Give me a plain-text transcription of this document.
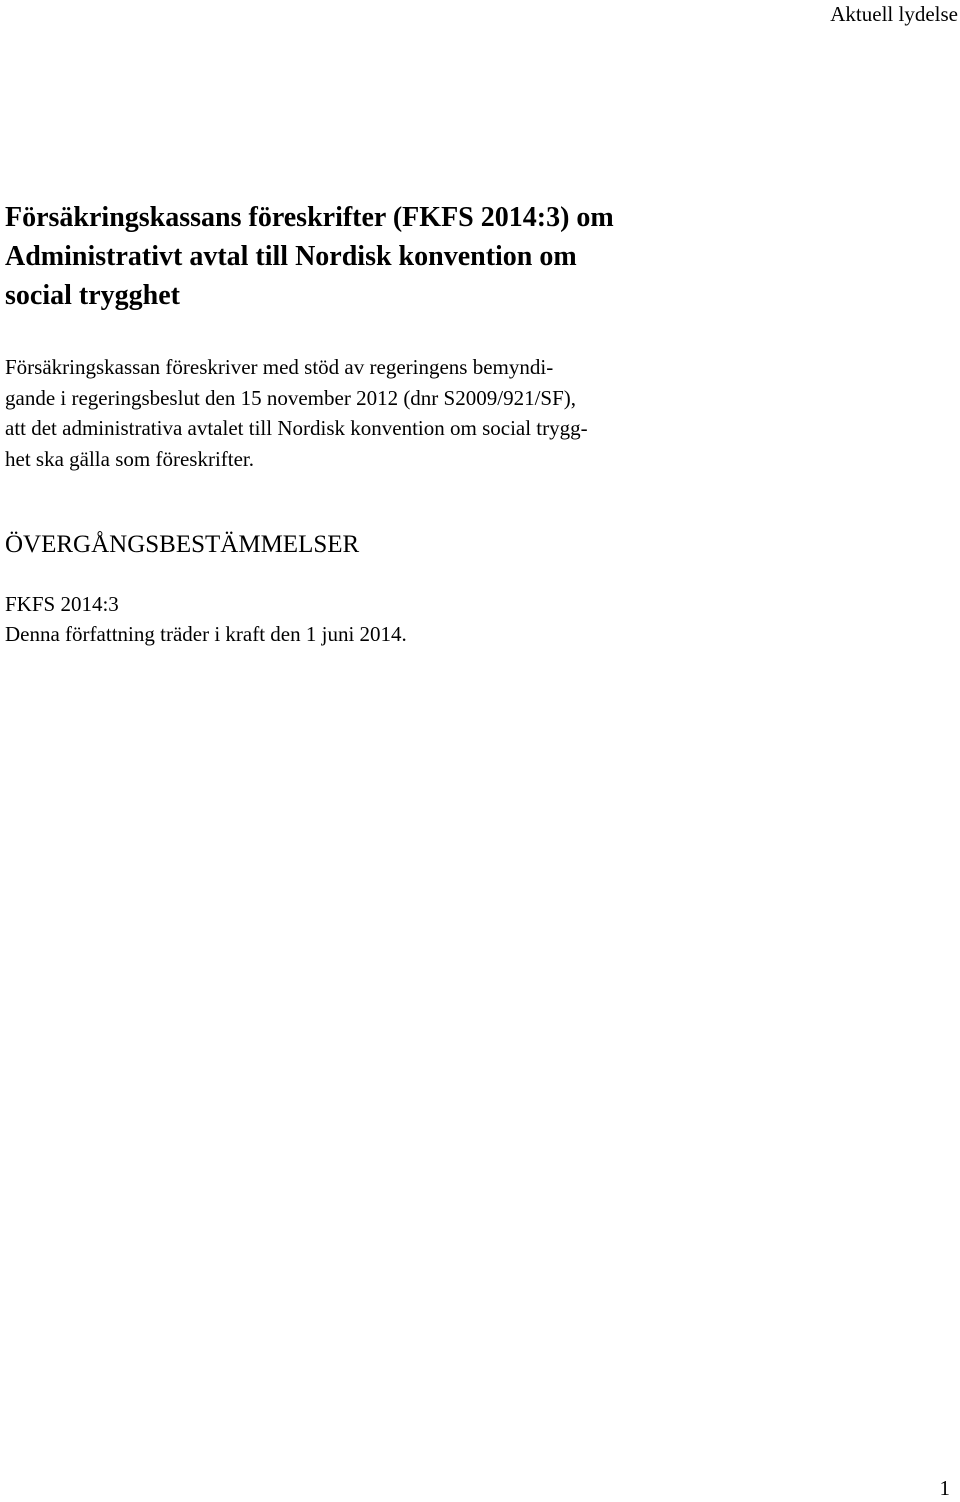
Aktuell lydelse
Försäkringskassans föreskrifter (FKFS 2014:3) om
Administrativt avtal till Nordisk konvention om
social trygghet

Försäkringskassan föreskriver med stöd av regeringens bemyndi-
gande i regeringsbeslut den 15 november 2012 (dnr S2009/921/SF),
att det administrativa avtalet till Nordisk konvention om social trygg-
het ska gälla som föreskrifter.

ÖVERGÅNGSBESTÄMMELSER

FKFS 2014:3
Denna författning träder i kraft den 1 juni 2014.

1
